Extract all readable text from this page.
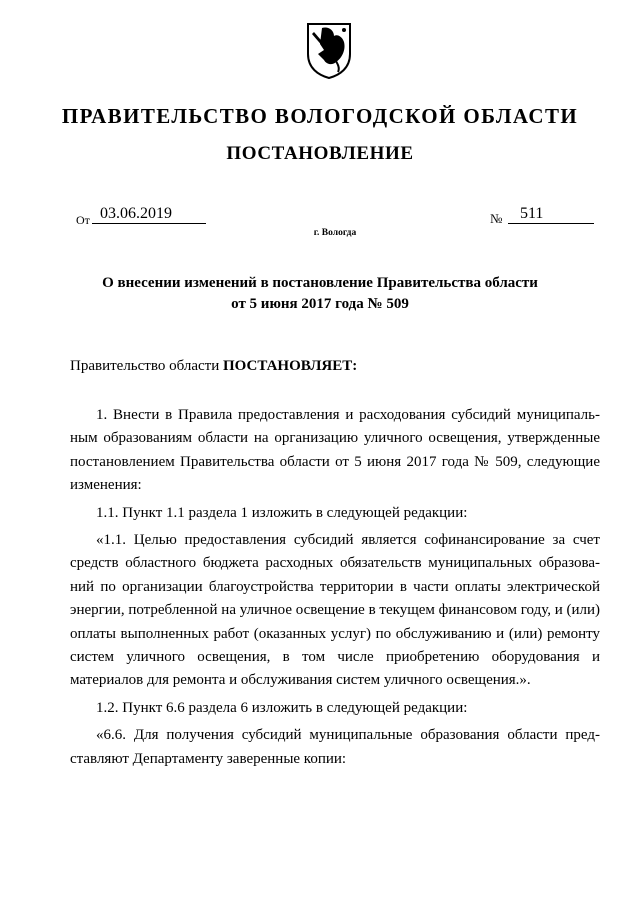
ПРАВИТЕЛЬСТВО ВОЛОГОДСКОЙ ОБЛАСТИ
ПОСТАНОВЛЕНИЕ
От 03.06.2019	№	511
г. Вологда
О внесении изменений в постановление Правительства области
от 5 июня 2017 года № 509
Правительство области ПОСТАНОВЛЯЕТ:

1. Внести в Правила предоставления и расходования субсидий муниципальным образованиям области на организацию уличного освещения, утвержденные постановлением Правительства области от 5 июня 2017 года № 509, следующие изменения:

1.1. Пункт 1.1 раздела 1 изложить в следующей редакции:

«1.1. Целью предоставления субсидий является софинансирование за счет средств областного бюджета расходных обязательств муниципальных образований по организации благоустройства территории в части оплаты электрической энергии, потребленной на уличное освещение в текущем финансовом году, и (или) оплаты выполненных работ (оказанных услуг) по обслуживанию и (или) ремонту систем уличного освещения, в том числе приобретению оборудования и материалов для ремонта и обслуживания систем уличного освещения.».

1.2. Пункт 6.6 раздела 6 изложить в следующей редакции:

«6.6. Для получения субсидий муниципальные образования области представляют Департаменту заверенные копии:
